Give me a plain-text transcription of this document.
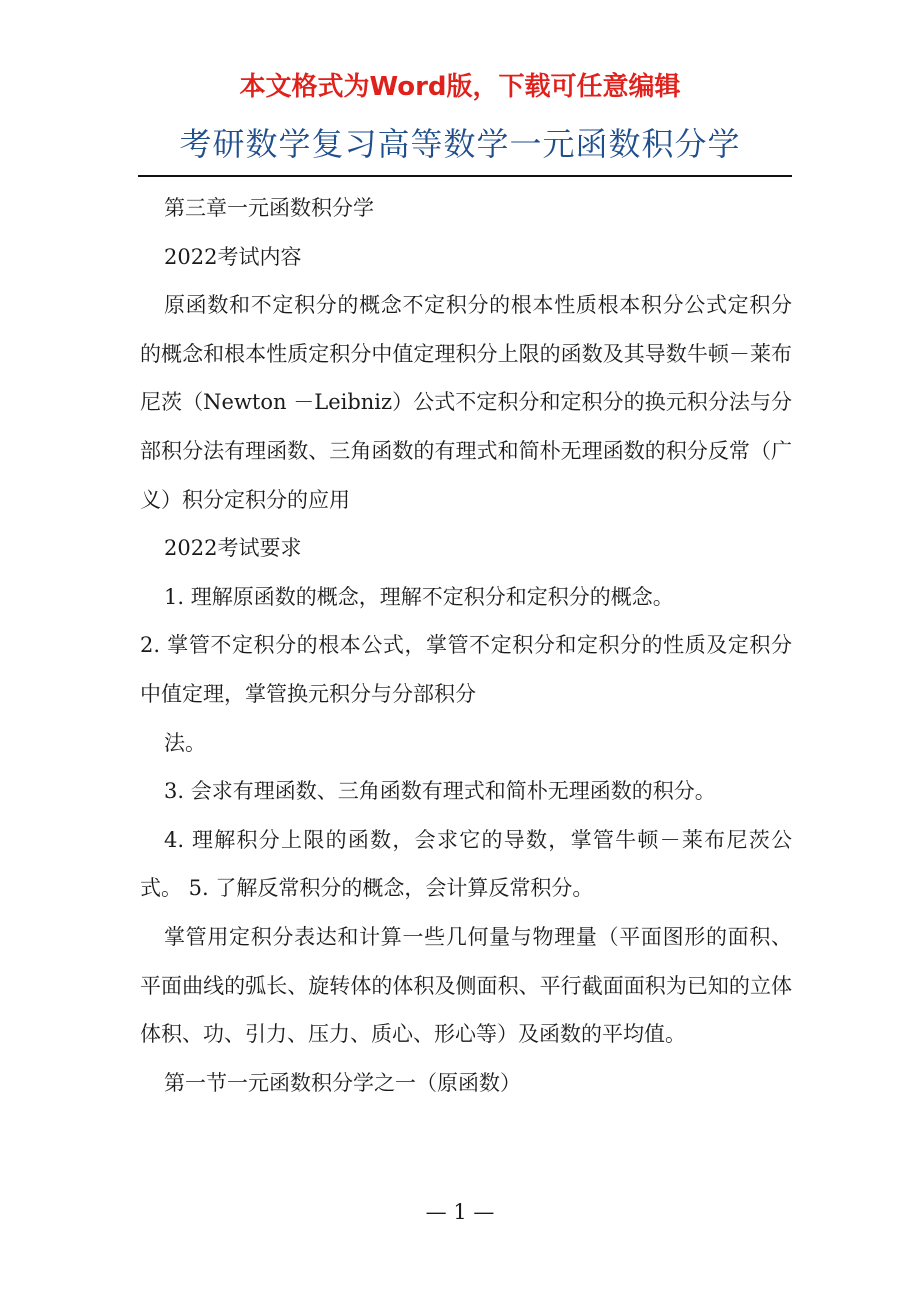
本文格式为Word版，下载可任意编辑
考研数学复习高等数学一元函数积分学

第三章一元函数积分学

2022考试内容

原函数和不定积分的概念不定积分的根本性质根本积分公式定积分的概念和根本性质定积分中值定理积分上限的函数及其导数牛顿－莱布尼茨（Newton －Leibniz）公式不定积分和定积分的换元积分法与分部积分法有理函数、三角函数的有理式和简朴无理函数的积分反常（广义）积分定积分的应用

2022考试要求

1. 理解原函数的概念，理解不定积分和定积分的概念。

2. 掌管不定积分的根本公式，掌管不定积分和定积分的性质及定积分中值定理，掌管换元积分与分部积分

法。

3. 会求有理函数、三角函数有理式和简朴无理函数的积分。

4. 理解积分上限的函数，会求它的导数，掌管牛顿－莱布尼茨公式。 5. 了解反常积分的概念，会计算反常积分。

掌管用定积分表达和计算一些几何量与物理量（平面图形的面积、平面曲线的弧长、旋转体的体积及侧面积、平行截面面积为已知的立体体积、功、引力、压力、质心、形心等）及函数的平均值。

第一节一元函数积分学之一（原函数）

— 1 —
